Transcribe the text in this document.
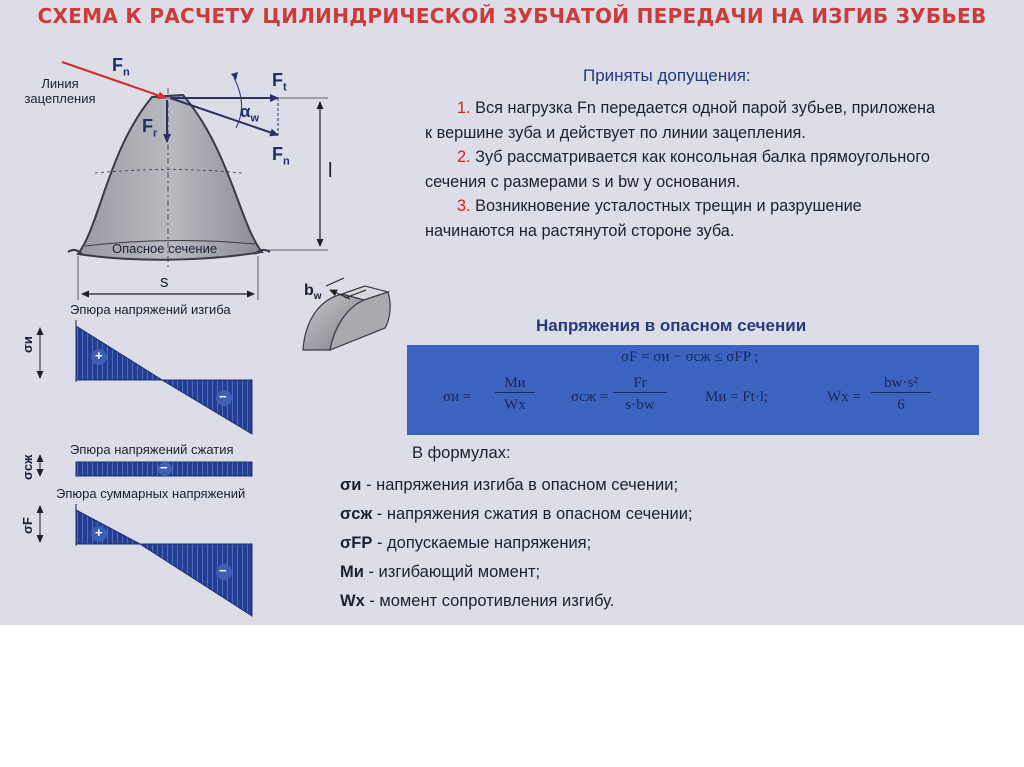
СХЕМА К РАСЧЕТУ ЦИЛИНДРИЧЕСКОЙ ЗУБЧАТОЙ ПЕРЕДАЧИ НА ИЗГИБ ЗУБЬЕВ
Линия
зацепления
$F_n$	$F_t$
$F_r$
$F_n$
$\alpha_w$
l
Опасное сечение
s	$b_w$
Эпюра напряжений изгиба
σи
Эпюра напряжений сжатия
σсж
Эпюра суммарных напряжений
σF
+
−
−
+
−
Приняты допущения:

1. Вся нагрузка Fn передается одной парой зубьев, приложена к вершине зуба и действует по линии зацепления.

2. Зуб рассматривается как консольная балка прямоугольного сечения с размерами s и bw у основания.

3. Возникновение усталостных трещин и разрушение начинаются на растянутой стороне зуба.

Напряжения в опасном сечении
σF = σи − σсж ≤ σFP ;
σи =
Mи
Wx	σсж =
Fr
s·bw	Mи = Ft·l;	Wx =
bw·s²
6
В формулах:
σи - напряжения изгиба в опасном сечении;
σсж - напряжения сжатия в опасном сечении;
σFP - допускаемые напряжения;
Mи - изгибающий момент;
Wx - момент сопротивления изгибу.
